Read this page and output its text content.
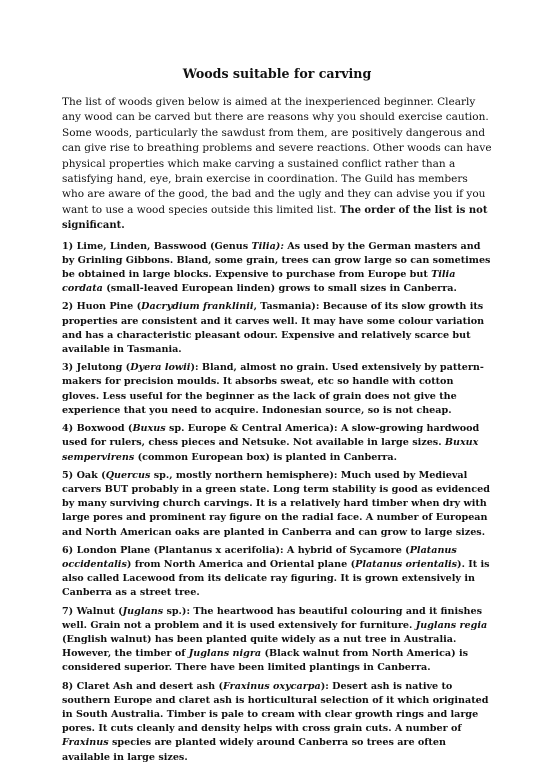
Woods suitable for carving

The list of woods given below is aimed at the inexperienced beginner. Clearly any wood can be carved but there are reasons why you should exercise caution. Some woods, particularly the sawdust from them, are positively dangerous and can give rise to breathing problems and severe reactions. Other woods can have physical properties which make carving a sustained conflict rather than a satisfying hand, eye, brain exercise in coordination. The Guild has members who are aware of the good, the bad and the ugly and they can advise you if you want to use a wood species outside this limited list. The order of the list is not significant.

1) Lime, Linden, Basswood (Genus Tilia): As used by the German masters and by Grinling Gibbons. Bland, some grain, trees can grow large so can sometimes be obtained in large blocks. Expensive to purchase from Europe but Tilia cordata (small-leaved European linden) grows to small sizes in Canberra.

2) Huon Pine (Dacrydium franklinii, Tasmania): Because of its slow growth its properties are consistent and it carves well. It may have some colour variation and has a characteristic pleasant odour. Expensive and relatively scarce but available in Tasmania.

3) Jelutong (Dyera lowii): Bland, almost no grain. Used extensively by pattern-makers for precision moulds. It absorbs sweat, etc so handle with cotton gloves. Less useful for the beginner as the lack of grain does not give the experience that you need to acquire. Indonesian source, so is not cheap.

4) Boxwood (Buxus sp. Europe & Central America): A slow-growing hardwood used for rulers, chess pieces and Netsuke. Not available in large sizes. Buxux sempervirens (common European box) is planted in Canberra.

5) Oak (Quercus sp., mostly northern hemisphere): Much used by Medieval carvers BUT probably in a green state. Long term stability is good as evidenced by many surviving church carvings. It is a relatively hard timber when dry with large pores and prominent ray figure on the radial face. A number of European and North American oaks are planted in Canberra and can grow to large sizes.

6) London Plane (Plantanus x acerifolia): A hybrid of Sycamore (Platanus occidentalis) from North America and Oriental plane (Platanus orientalis). It is also called Lacewood from its delicate ray figuring. It is grown extensively in Canberra as a street tree.

7) Walnut (Juglans sp.): The heartwood has beautiful colouring and it finishes well. Grain not a problem and it is used extensively for furniture. Juglans regia (English walnut) has been planted quite widely as a nut tree in Australia. However, the timber of Juglans nigra (Black walnut from North America) is considered superior. There have been limited plantings in Canberra.

8) Claret Ash and desert ash (Fraxinus oxycarpa): Desert ash is native to southern Europe and claret ash is horticultural selection of it which originated in South Australia. Timber is pale to cream with clear growth rings and large pores. It cuts cleanly and density helps with cross grain cuts. A number of Fraxinus species are planted widely around Canberra so trees are often available in large sizes.
